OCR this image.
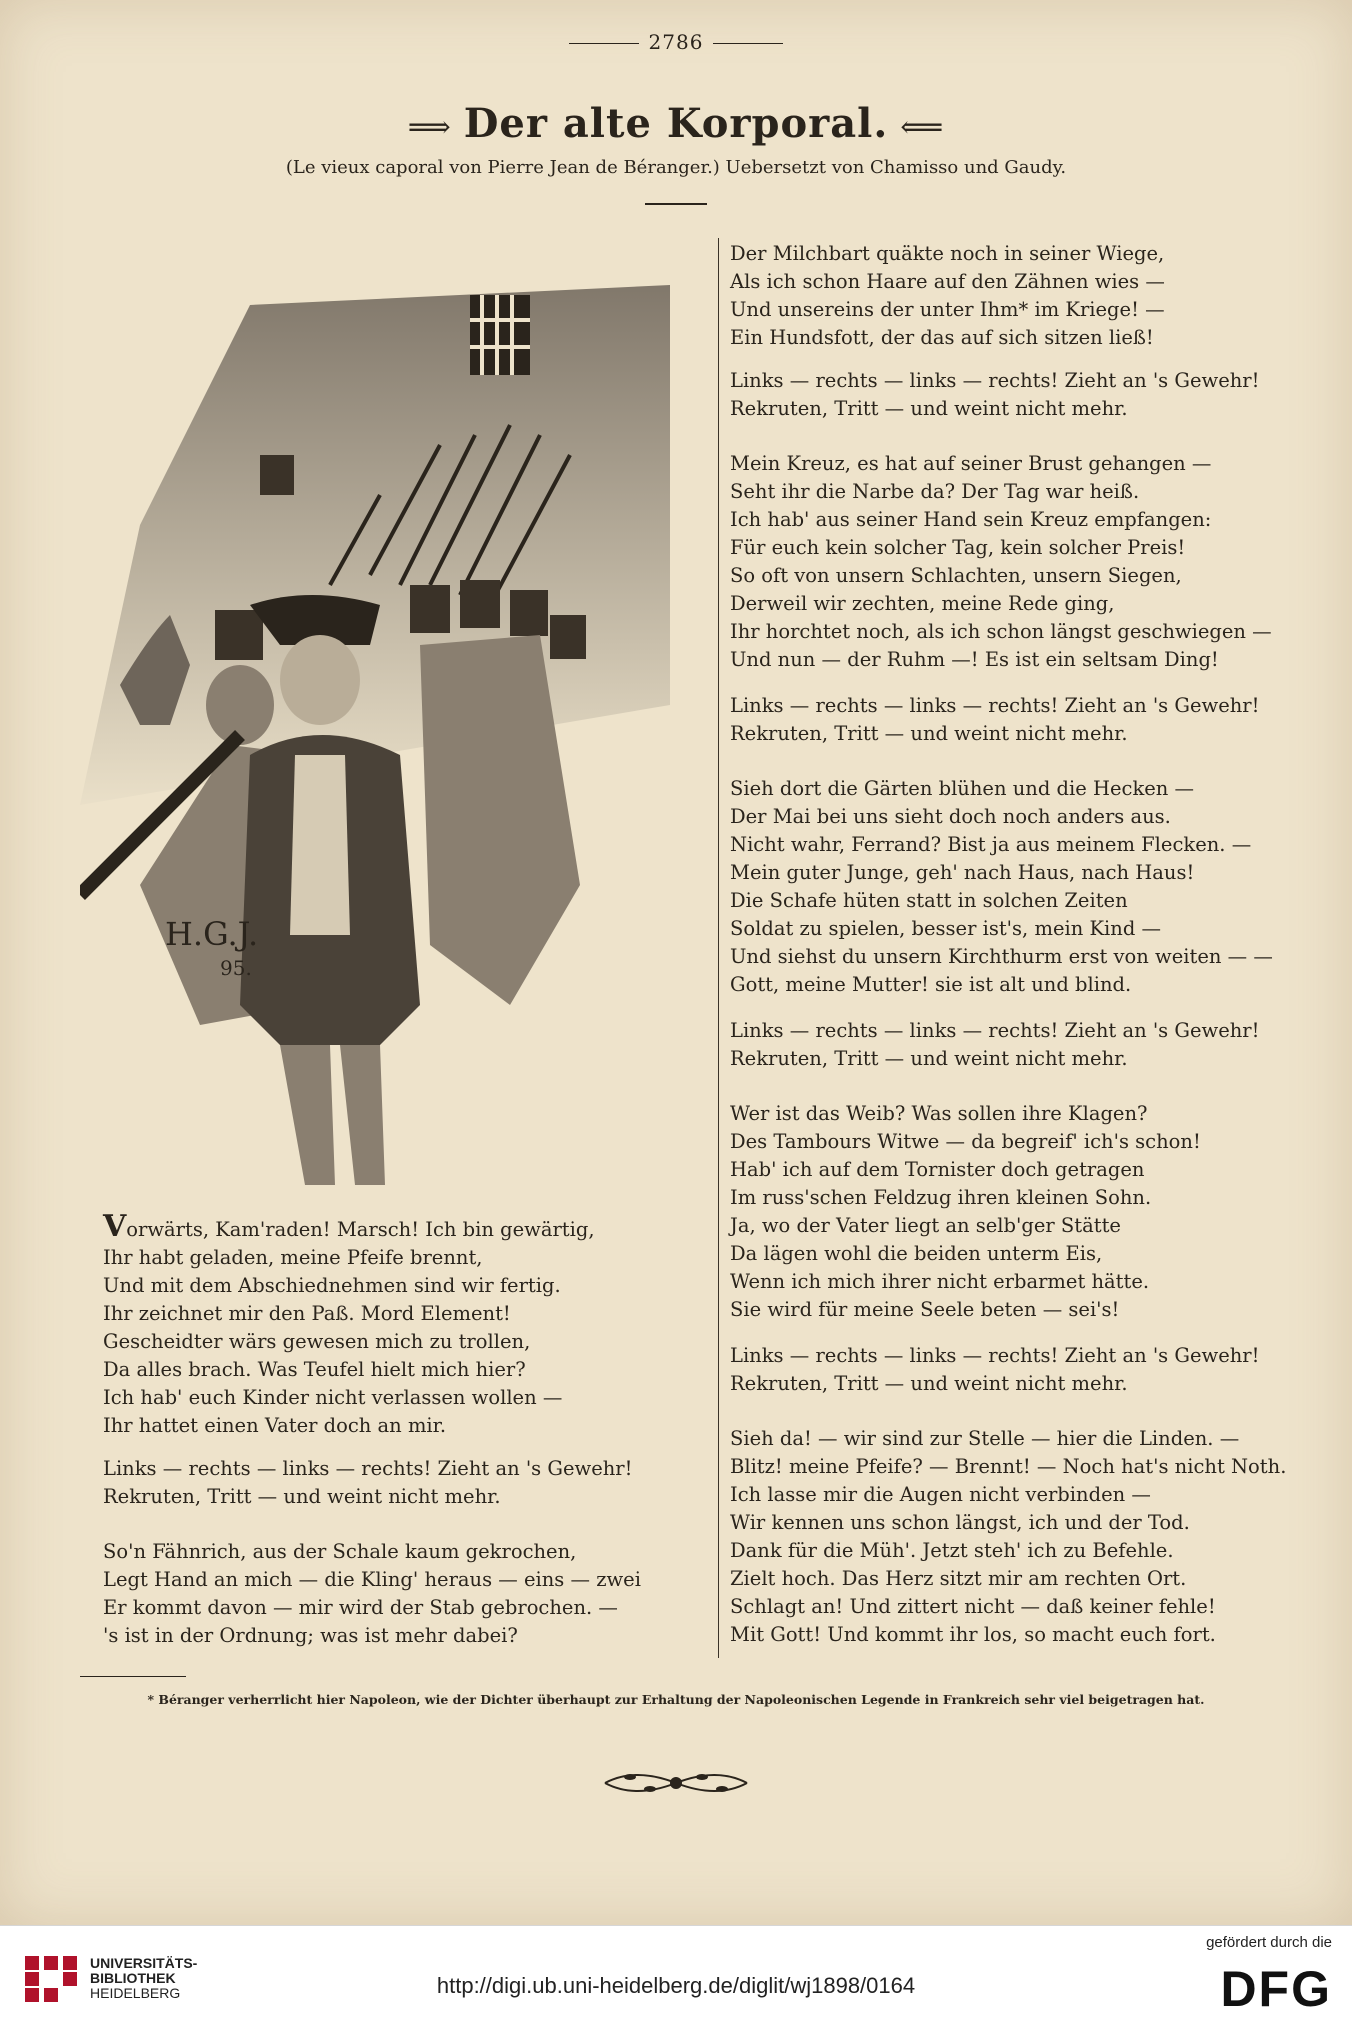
2786
⟹ Der alte Korporal. ⟸
(Le vieux caporal von Pierre Jean de Béranger.) Uebersetzt von Chamisso und Gaudy.
H.G.J.
95.
Vorwärts, Kam'raden! Marsch! Ich bin gewärtig,
Ihr habt geladen, meine Pfeife brennt,
Und mit dem Abschiednehmen sind wir fertig.
Ihr zeichnet mir den Paß. Mord Element!
Gescheidter wärs gewesen mich zu trollen,
Da alles brach. Was Teufel hielt mich hier?
Ich hab' euch Kinder nicht verlassen wollen —
Ihr hattet einen Vater doch an mir.
Links — rechts — links — rechts! Zieht an 's Gewehr!
Rekruten, Tritt — und weint nicht mehr.
So'n Fähnrich, aus der Schale kaum gekrochen,
Legt Hand an mich — die Kling' heraus — eins — zwei
Er kommt davon — mir wird der Stab gebrochen. —
's ist in der Ordnung; was ist mehr dabei?
Der Milchbart quäkte noch in seiner Wiege,
Als ich schon Haare auf den Zähnen wies —
Und unsereins der unter Ihm* im Kriege! —
Ein Hundsfott, der das auf sich sitzen ließ!
Links — rechts — links — rechts! Zieht an 's Gewehr!
Rekruten, Tritt — und weint nicht mehr.
Mein Kreuz, es hat auf seiner Brust gehangen —
Seht ihr die Narbe da? Der Tag war heiß.
Ich hab' aus seiner Hand sein Kreuz empfangen:
Für euch kein solcher Tag, kein solcher Preis!
So oft von unsern Schlachten, unsern Siegen,
Derweil wir zechten, meine Rede ging,
Ihr horchtet noch, als ich schon längst geschwiegen —
Und nun — der Ruhm —! Es ist ein seltsam Ding!
Links — rechts — links — rechts! Zieht an 's Gewehr!
Rekruten, Tritt — und weint nicht mehr.
Sieh dort die Gärten blühen und die Hecken —
Der Mai bei uns sieht doch noch anders aus.
Nicht wahr, Ferrand? Bist ja aus meinem Flecken. —
Mein guter Junge, geh' nach Haus, nach Haus!
Die Schafe hüten statt in solchen Zeiten
Soldat zu spielen, besser ist's, mein Kind —
Und siehst du unsern Kirchthurm erst von weiten — —
Gott, meine Mutter! sie ist alt und blind.
Links — rechts — links — rechts! Zieht an 's Gewehr!
Rekruten, Tritt — und weint nicht mehr.
Wer ist das Weib? Was sollen ihre Klagen?
Des Tambours Witwe — da begreif' ich's schon!
Hab' ich auf dem Tornister doch getragen
Im russ'schen Feldzug ihren kleinen Sohn.
Ja, wo der Vater liegt an selb'ger Stätte
Da lägen wohl die beiden unterm Eis,
Wenn ich mich ihrer nicht erbarmet hätte.
Sie wird für meine Seele beten — sei's!
Links — rechts — links — rechts! Zieht an 's Gewehr!
Rekruten, Tritt — und weint nicht mehr.
Sieh da! — wir sind zur Stelle — hier die Linden. —
Blitz! meine Pfeife? — Brennt! — Noch hat's nicht Noth.
Ich lasse mir die Augen nicht verbinden —
Wir kennen uns schon längst, ich und der Tod.
Dank für die Müh'. Jetzt steh' ich zu Befehle.
Zielt hoch. Das Herz sitzt mir am rechten Ort.
Schlagt an! Und zittert nicht — daß keiner fehle!
Mit Gott! Und kommt ihr los, so macht euch fort.
* Béranger verherrlicht hier Napoleon, wie der Dichter überhaupt zur Erhaltung der Napoleonischen Legende in Frankreich sehr viel beigetragen hat.
UNIVERSITÄTS-
BIBLIOTHEK
HEIDELBERG	http://digi.ub.uni-heidelberg.de/diglit/wj1898/0164
gefördert durch die
DFG
